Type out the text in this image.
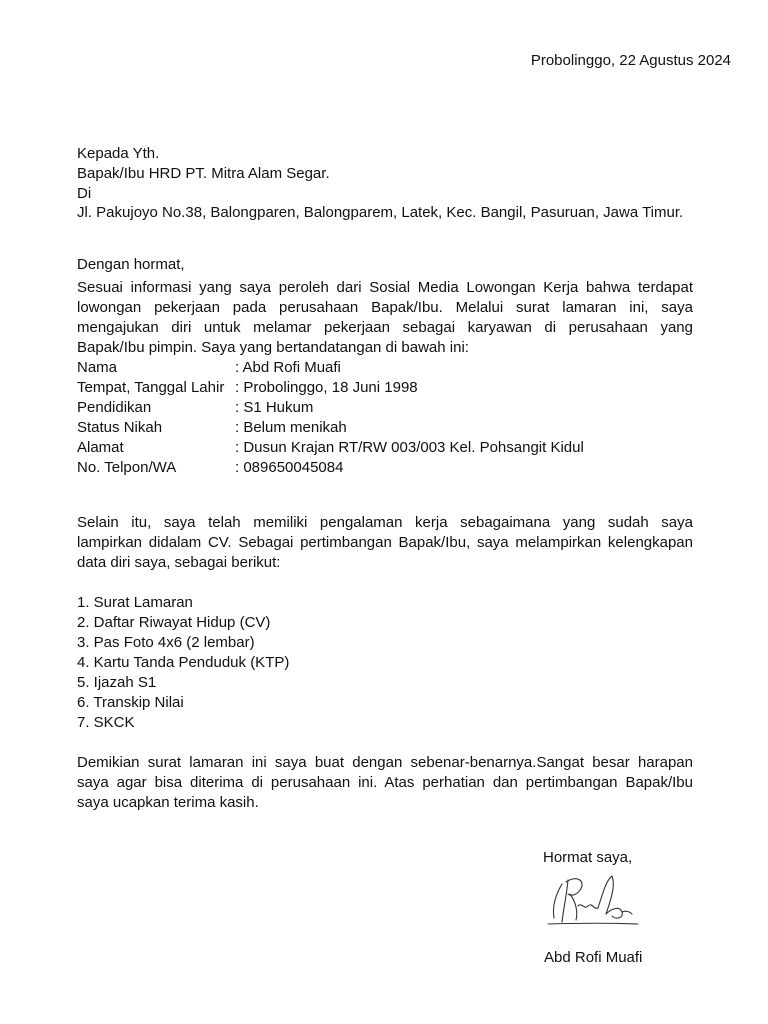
Probolinggo, 22 Agustus 2024
Kepada Yth.
Bapak/Ibu HRD PT. Mitra Alam Segar.
Di
Jl. Pakujoyo No.38, Balongparen, Balongparem, Latek, Kec. Bangil, Pasuruan, Jawa Timur.
Dengan hormat,
Sesuai informasi yang saya peroleh dari Sosial Media Lowongan Kerja bahwa terdapat
lowongan pekerjaan pada perusahaan Bapak/Ibu. Melalui surat lamaran ini, saya
mengajukan diri untuk melamar pekerjaan sebagai karyawan di perusahaan yang
Bapak/Ibu pimpin. Saya yang bertandatangan di bawah ini:
Nama	: Abd Rofi Muafi
Tempat, Tanggal Lahir : Probolinggo, 18 Juni 1998
Pendidikan	: S1 Hukum
Status Nikah	: Belum menikah
Alamat	: Dusun Krajan RT/RW 003/003 Kel. Pohsangit Kidul
No. Telpon/WA	: 089650045084
Selain itu, saya telah memiliki pengalaman kerja sebagaimana yang sudah saya
lampirkan didalam CV. Sebagai pertimbangan Bapak/Ibu, saya melampirkan kelengkapan
data diri saya, sebagai berikut:
1. Surat Lamaran
2. Daftar Riwayat Hidup (CV)
3. Pas Foto 4x6 (2 lembar)
4. Kartu Tanda Penduduk (KTP)
5. Ijazah S1
6. Transkip Nilai
7. SKCK
Demikian surat lamaran ini saya buat dengan sebenar-benarnya.Sangat besar harapan
saya agar bisa diterima di perusahaan ini. Atas perhatian dan pertimbangan Bapak/Ibu
saya ucapkan terima kasih.
Hormat saya,
Abd Rofi Muafi
